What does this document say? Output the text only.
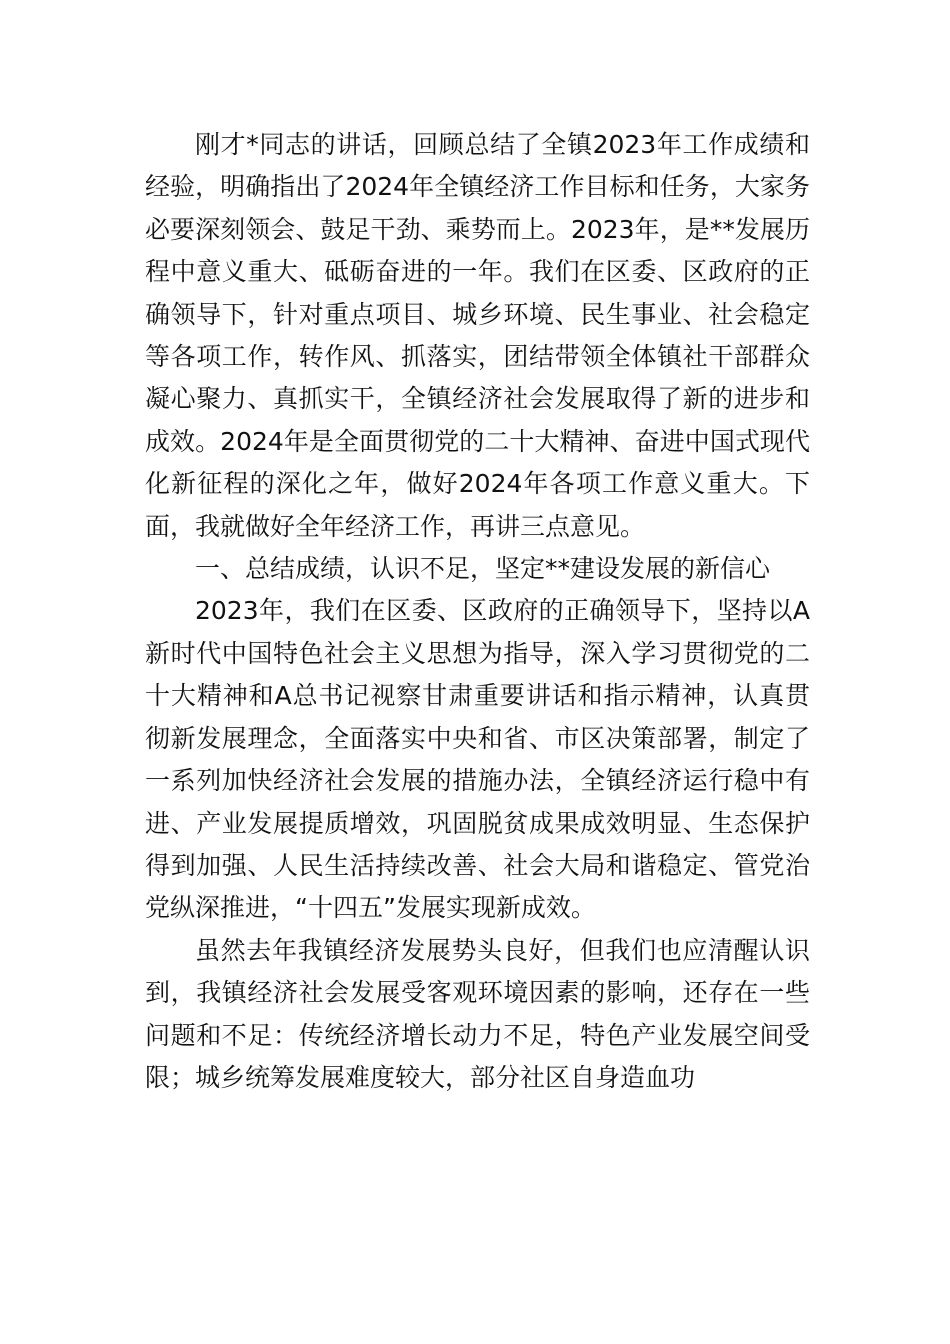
刚才*同志的讲话，回顾总结了全镇2023年工作成绩和经验，明确指出了2024年全镇经济工作目标和任务，大家务必要深刻领会、鼓足干劲、乘势而上。2023年，是**发展历程中意义重大、砥砺奋进的一年。我们在区委、区政府的正确领导下，针对重点项目、城乡环境、民生事业、社会稳定等各项工作，转作风、抓落实，团结带领全体镇社干部群众凝心聚力、真抓实干，全镇经济社会发展取得了新的进步和成效。2024年是全面贯彻党的二十大精神、奋进中国式现代化新征程的深化之年，做好2024年各项工作意义重大。下面，我就做好全年经济工作，再讲三点意见。

一、总结成绩，认识不足，坚定**建设发展的新信心

2023年，我们在区委、区政府的正确领导下，坚持以A新时代中国特色社会主义思想为指导，深入学习贯彻党的二十大精神和A总书记视察甘肃重要讲话和指示精神，认真贯彻新发展理念，全面落实中央和省、市区决策部署，制定了一系列加快经济社会发展的措施办法，全镇经济运行稳中有进、产业发展提质增效，巩固脱贫成果成效明显、生态保护得到加强、人民生活持续改善、社会大局和谐稳定、管党治党纵深推进，“十四五”发展实现新成效。

虽然去年我镇经济发展势头良好，但我们也应清醒认识到，我镇经济社会发展受客观环境因素的影响，还存在一些问题和不足：传统经济增长动力不足，特色产业发展空间受限；城乡统筹发展难度较大，部分社区自身造血功
